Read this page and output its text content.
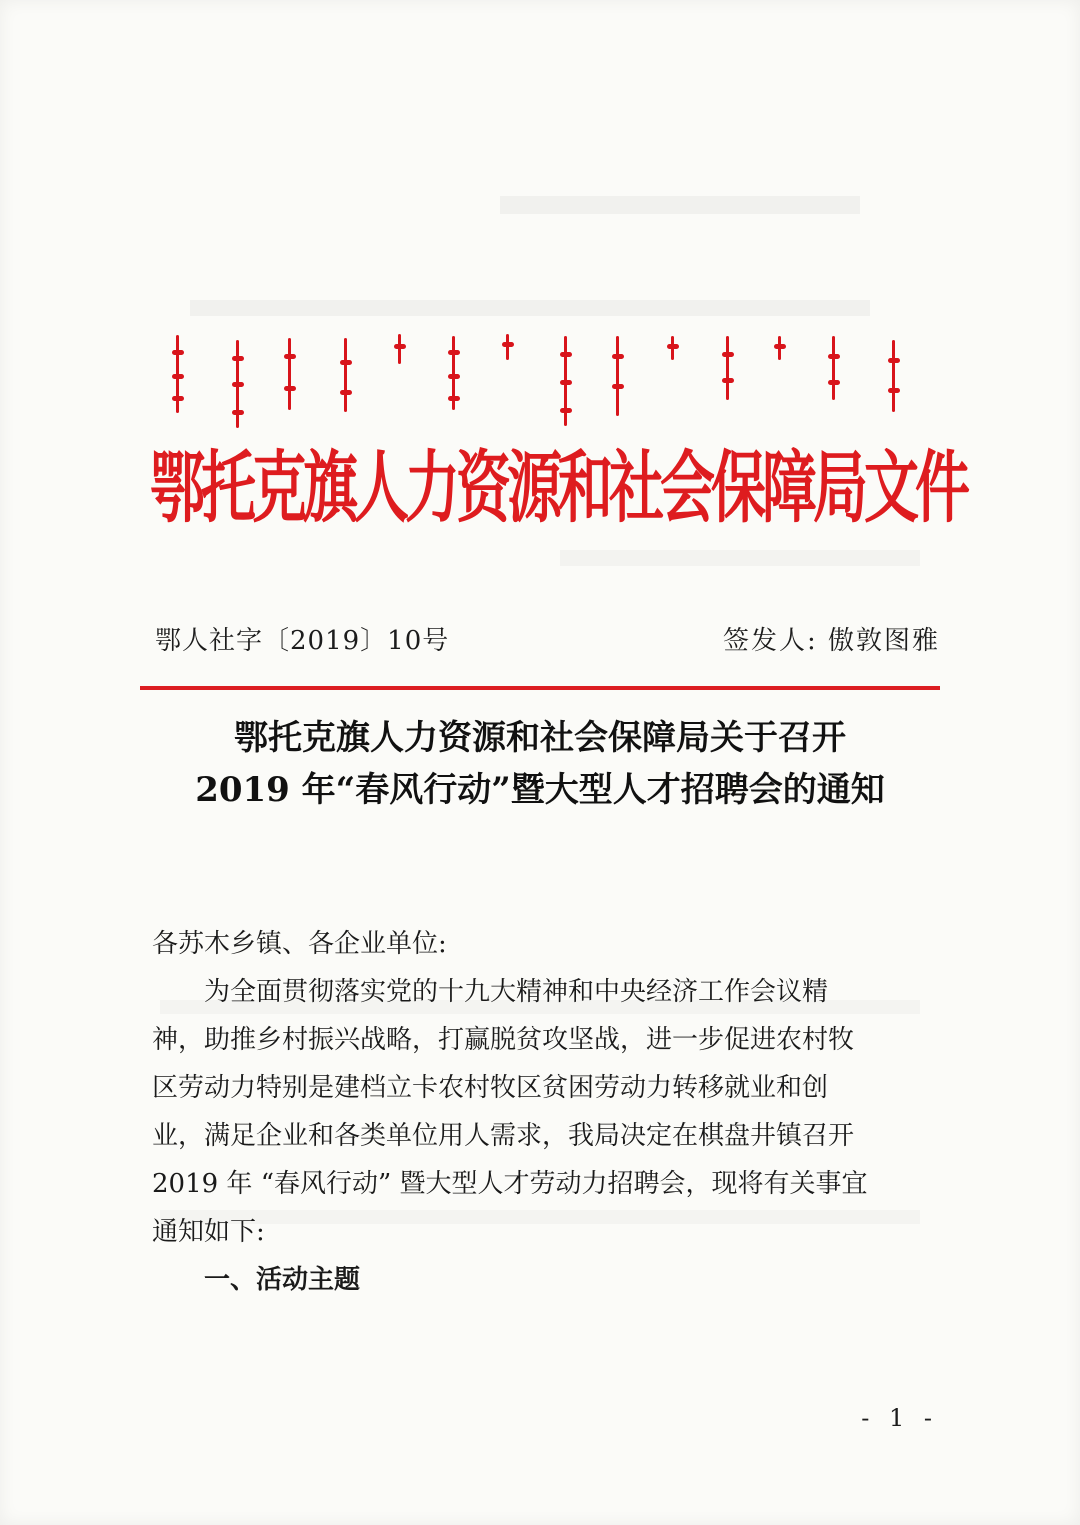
鄂托克旗人力资源和社会保障局文件
鄂人社字〔2019〕10号	签发人: 傲敦图雅
鄂托克旗人力资源和社会保障局关于召开
2019 年“春风行动”暨大型人才招聘会的通知

各苏木乡镇、各企业单位:

　　为全面贯彻落实党的十九大精神和中央经济工作会议精
神，助推乡村振兴战略，打赢脱贫攻坚战，进一步促进农村牧
区劳动力特别是建档立卡农村牧区贫困劳动力转移就业和创
业，满足企业和各类单位用人需求，我局决定在棋盘井镇召开
2019 年 “春风行动” 暨大型人才劳动力招聘会，现将有关事宜
通知如下:

一、活动主题

- 1 -
